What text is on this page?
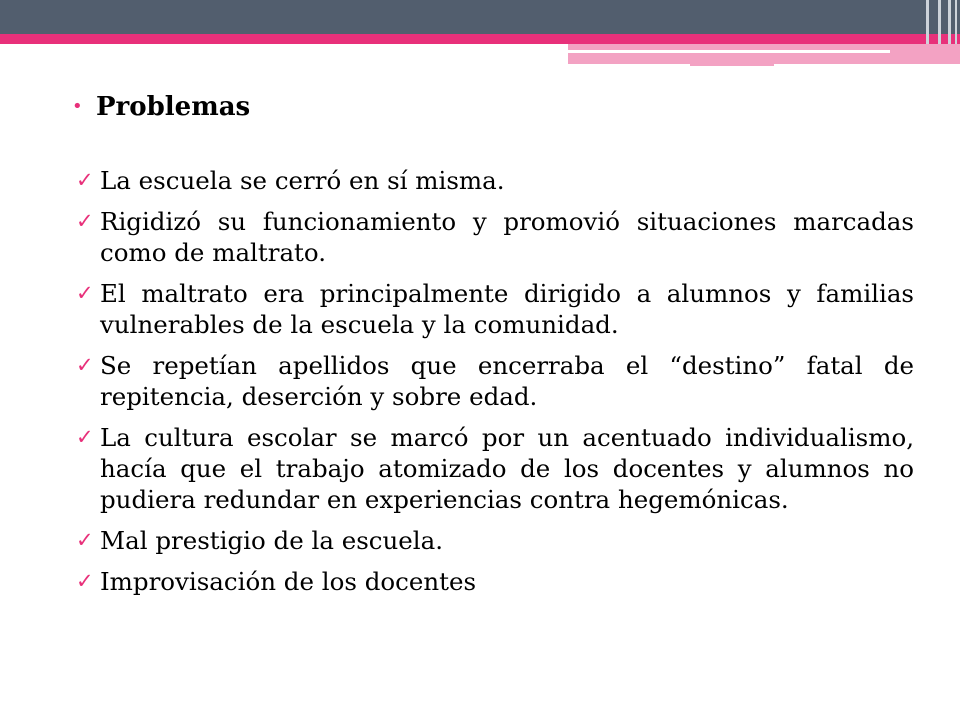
• Problemas
✓ La escuela se cerró en sí misma.
✓ Rigidizó su funcionamiento y promovió situaciones marcadas como de maltrato.
✓ El maltrato era principalmente dirigido a alumnos y familias vulnerables de la escuela y la comunidad.
✓ Se repetían apellidos que encerraba el “destino” fatal de repitencia, deserción y sobre edad.
✓ La cultura escolar se marcó por un acentuado individualismo, hacía que el trabajo atomizado de los docentes y alumnos no pudiera redundar en experiencias contra hegemónicas.
✓ Mal prestigio de la escuela.
✓ Improvisación de los docentes
